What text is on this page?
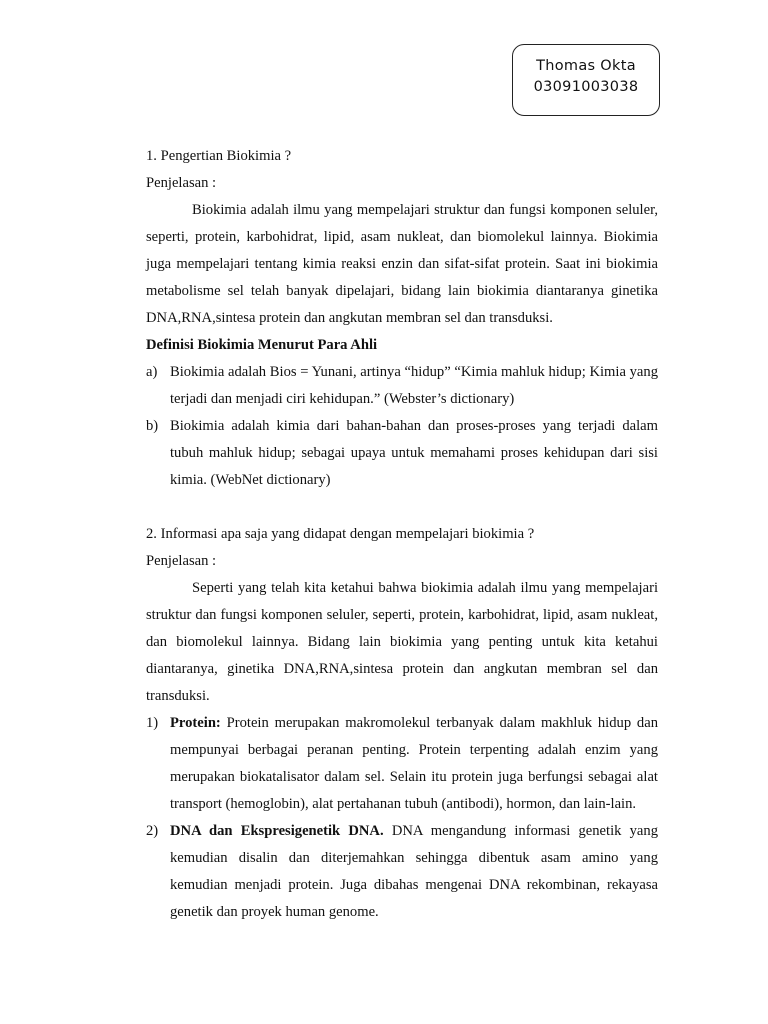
Thomas Okta
03091003038
1. Pengertian Biokimia ?
Penjelasan :
Biokimia adalah ilmu yang mempelajari struktur dan fungsi komponen seluler, seperti, protein, karbohidrat, lipid, asam nukleat, dan biomolekul lainnya. Biokimia juga mempelajari tentang kimia reaksi enzin dan sifat-sifat protein. Saat ini biokimia metabolisme sel telah banyak dipelajari, bidang lain biokimia diantaranya ginetika DNA,RNA,sintesa protein dan angkutan membran sel dan transduksi.
Definisi Biokimia Menurut Para Ahli
a) Biokimia adalah Bios = Yunani, artinya “hidup” “Kimia mahluk hidup; Kimia yang terjadi dan menjadi ciri kehidupan.” (Webster’s dictionary)
b) Biokimia adalah kimia dari bahan-bahan dan proses-proses yang terjadi dalam tubuh mahluk hidup; sebagai upaya untuk memahami proses kehidupan dari sisi kimia. (WebNet dictionary)
2. Informasi apa saja yang didapat dengan mempelajari biokimia ?
Penjelasan :
Seperti yang telah kita ketahui bahwa biokimia adalah ilmu yang mempelajari struktur dan fungsi komponen seluler, seperti, protein, karbohidrat, lipid, asam nukleat, dan biomolekul lainnya. Bidang lain biokimia yang penting untuk kita ketahui diantaranya, ginetika DNA,RNA,sintesa protein dan angkutan membran sel dan transduksi.
1) Protein: Protein merupakan makromolekul terbanyak dalam makhluk hidup dan mempunyai berbagai peranan penting. Protein terpenting adalah enzim yang merupakan biokatalisator dalam sel. Selain itu protein juga berfungsi sebagai alat transport (hemoglobin), alat pertahanan tubuh (antibodi), hormon, dan lain-lain.
2) DNA dan Ekspresigenetik DNA. DNA mengandung informasi genetik yang kemudian disalin dan diterjemahkan sehingga dibentuk asam amino yang kemudian menjadi protein. Juga dibahas mengenai DNA rekombinan, rekayasa genetik dan proyek human genome.
